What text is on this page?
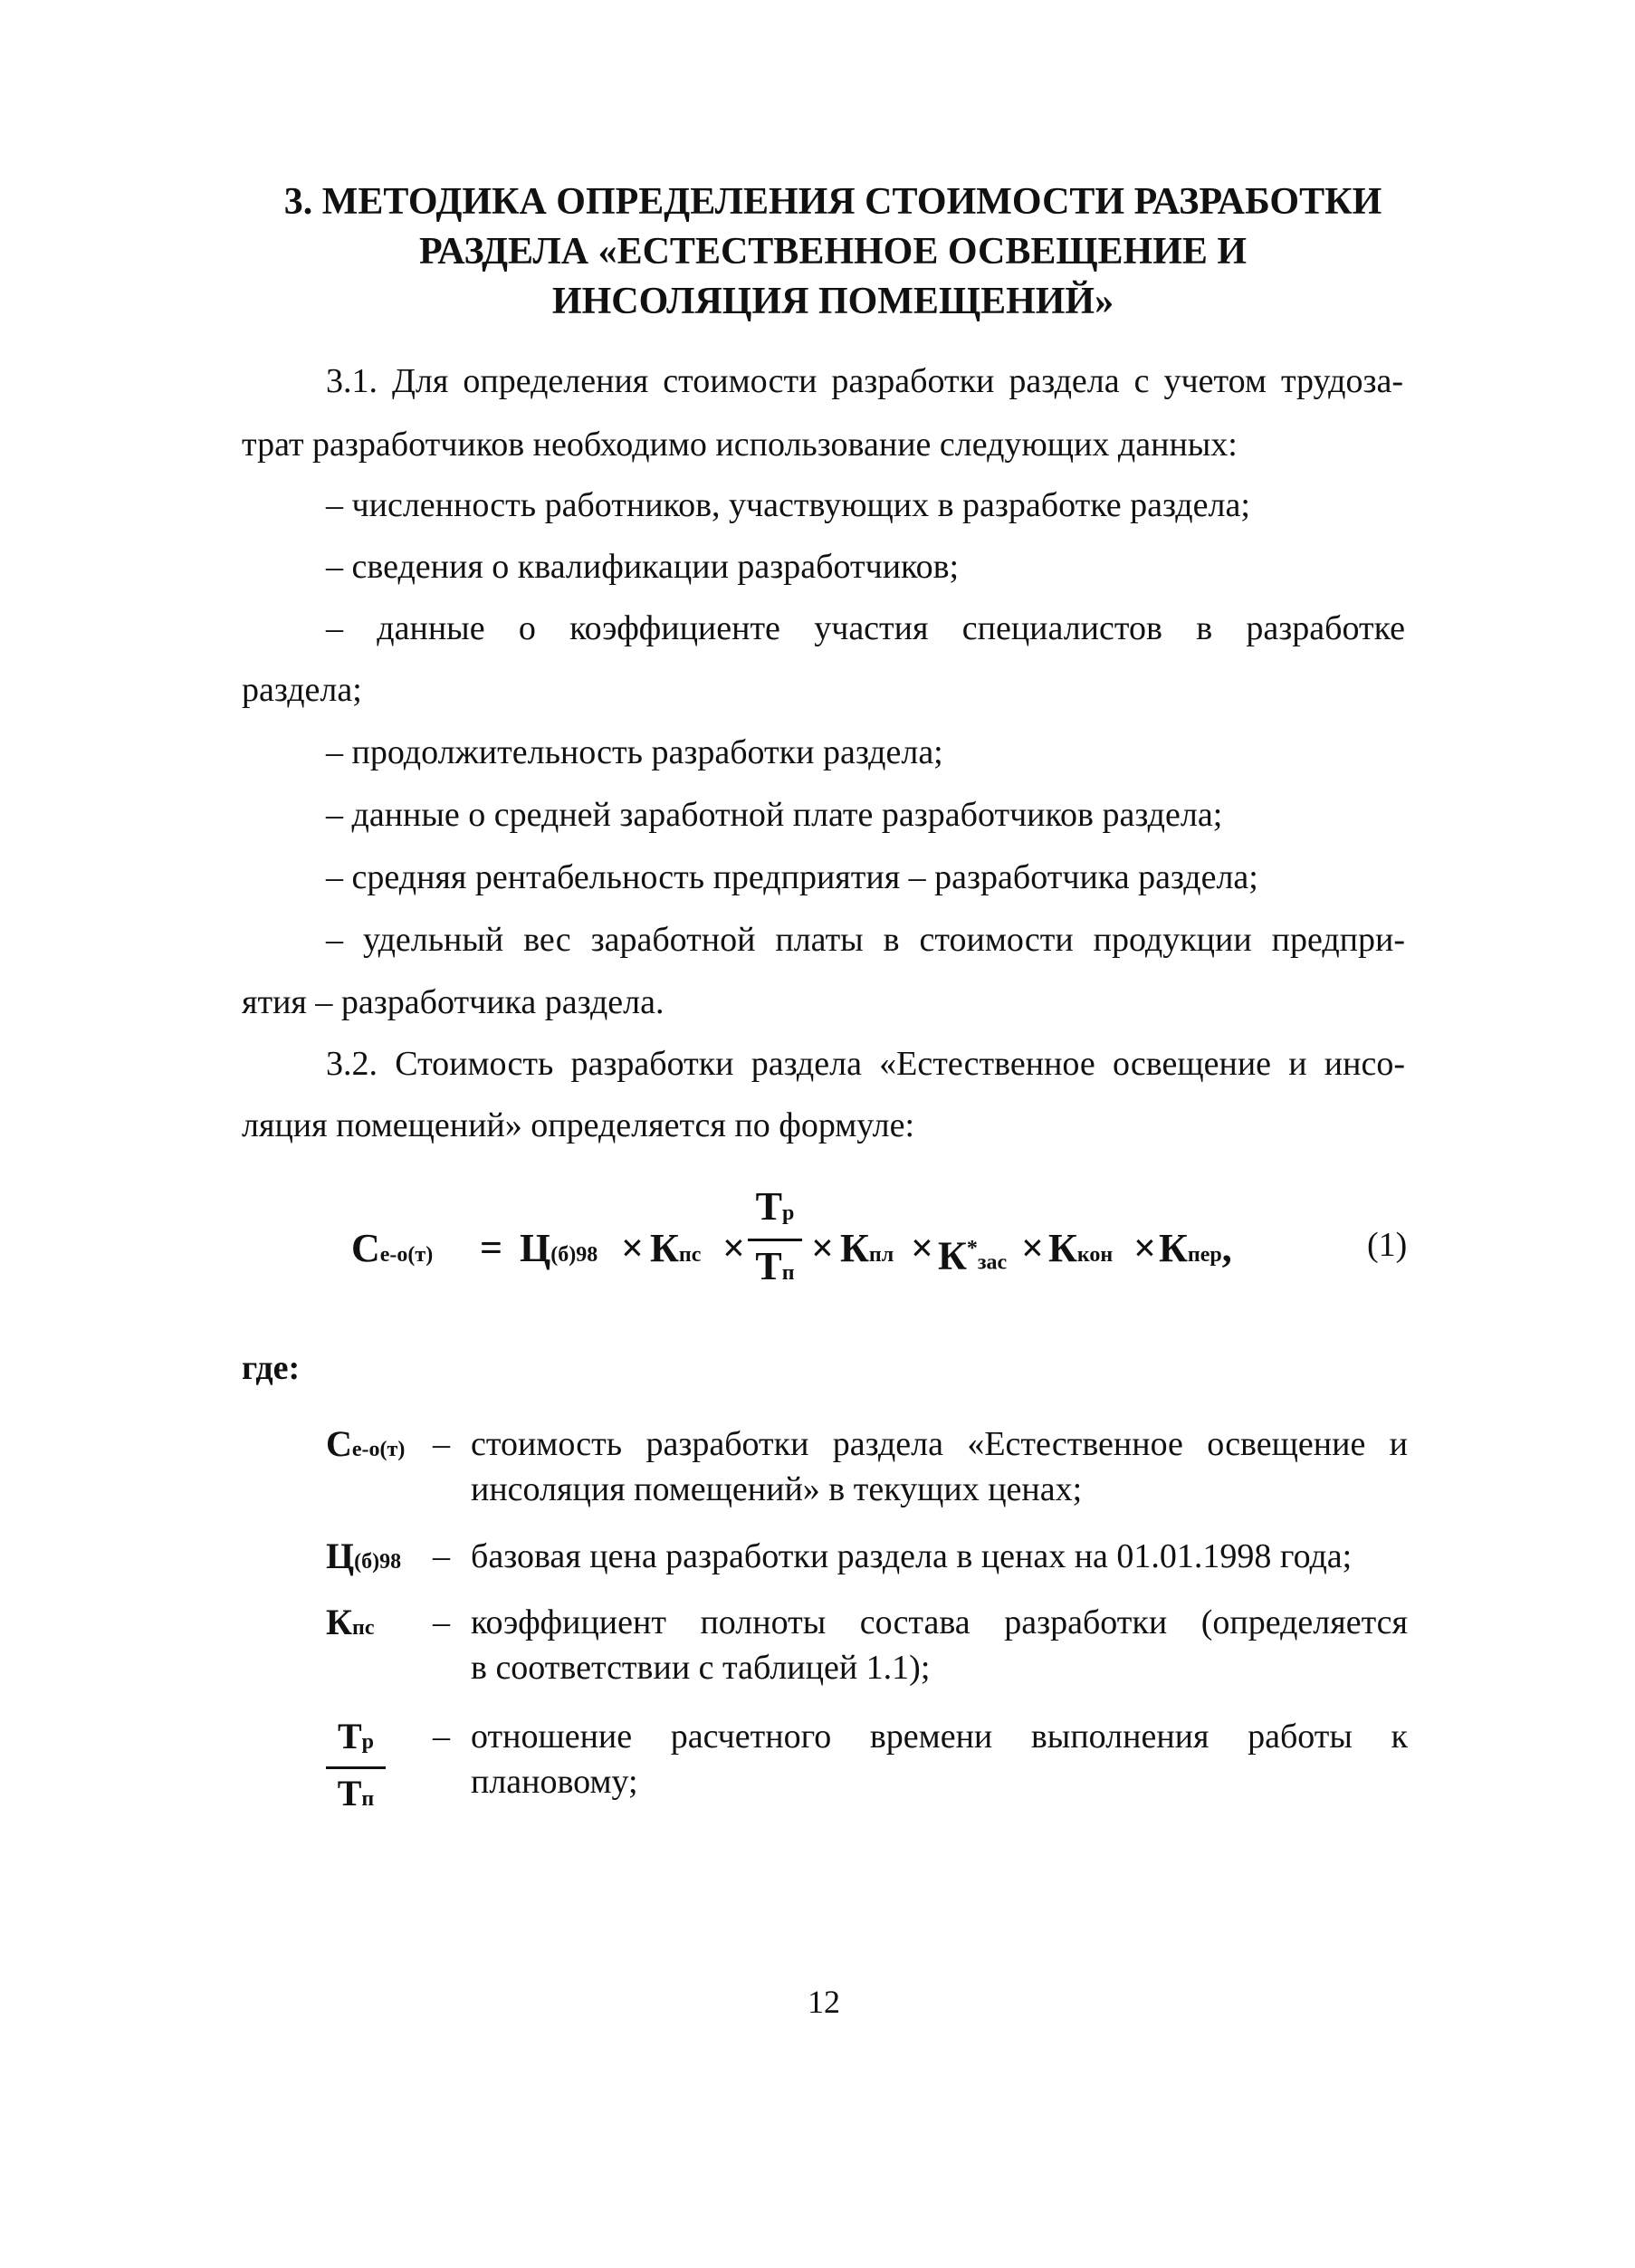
3. МЕТОДИКА ОПРЕДЕЛЕНИЯ СТОИМОСТИ РАЗРАБОТКИ
РАЗДЕЛА «ЕСТЕСТВЕННОЕ ОСВЕЩЕНИЕ И
ИНСОЛЯЦИЯ ПОМЕЩЕНИЙ»
3.1. Для определения стоимости разработки раздела с учетом трудоза-
трат разработчиков необходимо использование следующих данных:
– численность работников, участвующих в разработке раздела;
– сведения о квалификации разработчиков;
– данные о коэффициенте участия специалистов в разработке
раздела;
– продолжительность разработки раздела;
– данные о средней заработной плате разработчиков раздела;
– средняя рентабельность предприятия – разработчика раздела;
– удельный вес заработной платы в стоимости продукции предпри-
ятия – разработчика раздела.
3.2. Стоимость разработки раздела «Естественное освещение и инсо-
ляция помещений» определяется по формуле:
Се-о(т) = Ц(б)98 × Кпс ×
Тр
Тп
× Кпл × К*зас × Ккон × Кпер,	(1)
где:
Се-о(т) – стоимость разработки раздела «Естественное освещение и
инсоляция помещений» в текущих ценах;
Ц(б)98 – базовая цена разработки раздела в ценах на 01.01.1998 года;
Кпс – коэффициент полноты состава разработки (определяется
в соответствии с таблицей 1.1);
Тр
Тп
– отношение расчетного времени выполнения работы к
плановому;
12
